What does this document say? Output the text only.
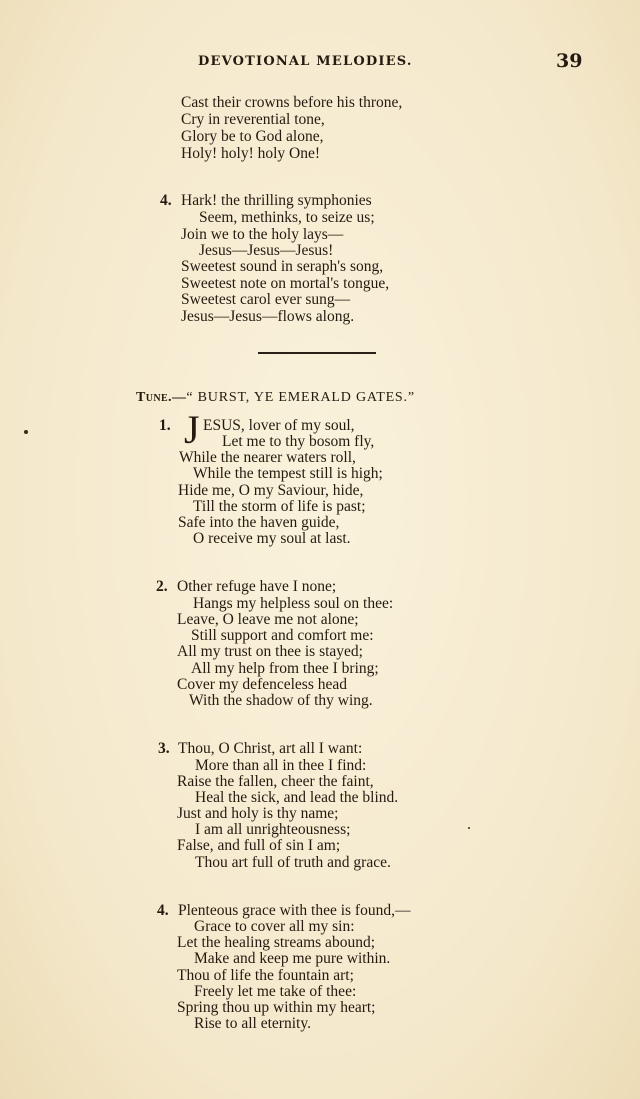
DEVOTIONAL MELODIES.	39
Cast their crowns before his throne,
Cry in reverential tone,
Glory be to God alone,
Holy! holy! holy One!
4. Hark! the thrilling symphonies
Seem, methinks, to seize us;
Join we to the holy lays—
Jesus—Jesus—Jesus!
Sweetest sound in seraph's song,
Sweetest note on mortal's tongue,
Sweetest carol ever sung—
Jesus—Jesus—flows along.
Tune.—“ BURST, YE EMERALD GATES.”
1. J ESUS, lover of my soul,
Let me to thy bosom fly,
While the nearer waters roll,
While the tempest still is high;
Hide me, O my Saviour, hide,
Till the storm of life is past;
Safe into the haven guide,
O receive my soul at last.
2. Other refuge have I none;
Hangs my helpless soul on thee:
Leave, O leave me not alone;
Still support and comfort me:
All my trust on thee is stayed;
All my help from thee I bring;
Cover my defenceless head
With the shadow of thy wing.
3. Thou, O Christ, art all I want:
More than all in thee I find:
Raise the fallen, cheer the faint,
Heal the sick, and lead the blind.
Just and holy is thy name;
I am all unrighteousness;
False, and full of sin I am;
Thou art full of truth and grace.
4. Plenteous grace with thee is found,—
Grace to cover all my sin:
Let the healing streams abound;
Make and keep me pure within.
Thou of life the fountain art;
Freely let me take of thee:
Spring thou up within my heart;
Rise to all eternity.
